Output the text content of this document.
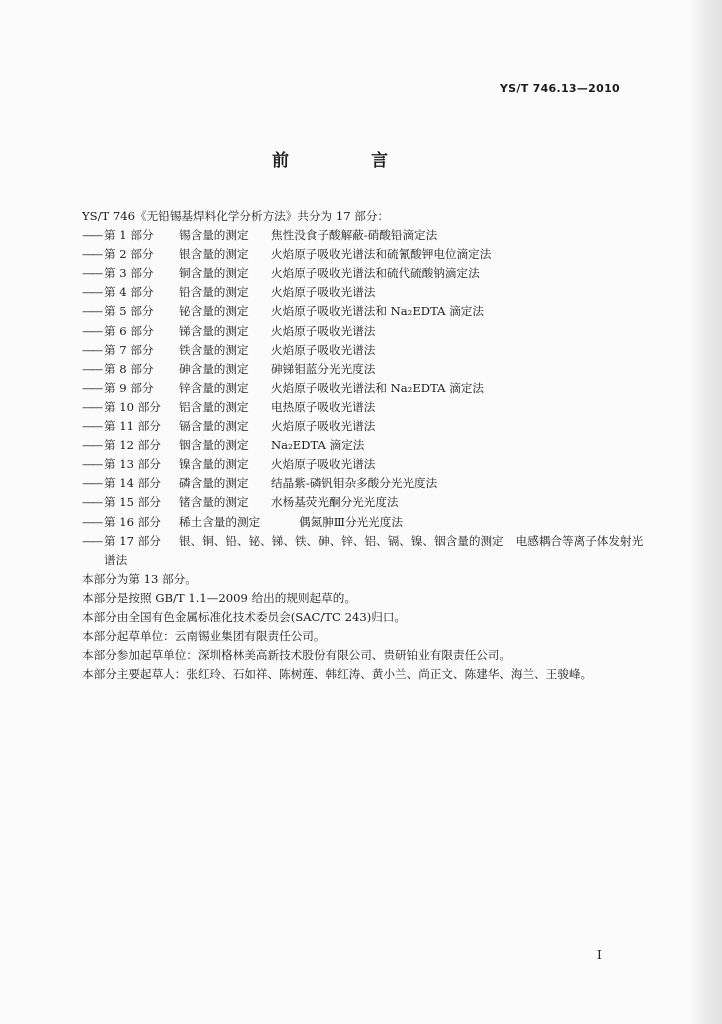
YS/T 746.13—2010
前 言

YS/T 746《无铅锡基焊料化学分析方法》共分为 17 部分：

—— 第 1 部分	锡含量的测定	焦性没食子酸解蔽-硝酸铅滴定法
—— 第 2 部分	银含量的测定	火焰原子吸收光谱法和硫氰酸钾电位滴定法
—— 第 3 部分	铜含量的测定	火焰原子吸收光谱法和硫代硫酸钠滴定法
—— 第 4 部分	铅含量的测定	火焰原子吸收光谱法
—— 第 5 部分	铋含量的测定	火焰原子吸收光谱法和 Na₂EDTA 滴定法
—— 第 6 部分	锑含量的测定	火焰原子吸收光谱法
—— 第 7 部分	铁含量的测定	火焰原子吸收光谱法
—— 第 8 部分	砷含量的测定	砷锑钼蓝分光光度法
—— 第 9 部分	锌含量的测定	火焰原子吸收光谱法和 Na₂EDTA 滴定法
—— 第 10 部分	铝含量的测定	电热原子吸收光谱法
—— 第 11 部分	镉含量的测定	火焰原子吸收光谱法
—— 第 12 部分	铟含量的测定	Na₂EDTA 滴定法
—— 第 13 部分	镍含量的测定	火焰原子吸收光谱法
—— 第 14 部分	磷含量的测定	结晶紫-磷钒钼杂多酸分光光度法
—— 第 15 部分	锗含量的测定	水杨基荧光酮分光光度法
—— 第 16 部分	稀土含量的测定	偶氮胂Ⅲ分光光度法
—— 第 17 部分	银、铜、铅、铋、锑、铁、砷、锌、铝、镉、镍、铟含量的测定 电感耦合等离子体发射光

谱法

本部分为第 13 部分。

本部分是按照 GB/T 1.1—2009 给出的规则起草的。

本部分由全国有色金属标准化技术委员会(SAC/TC 243)归口。

本部分起草单位：云南锡业集团有限责任公司。

本部分参加起草单位：深圳格林美高新技术股份有限公司、贵研铂业有限责任公司。

本部分主要起草人：张红玲、石如祥、陈树莲、韩红涛、黄小兰、尚正文、陈建华、海兰、王骏峰。

I
